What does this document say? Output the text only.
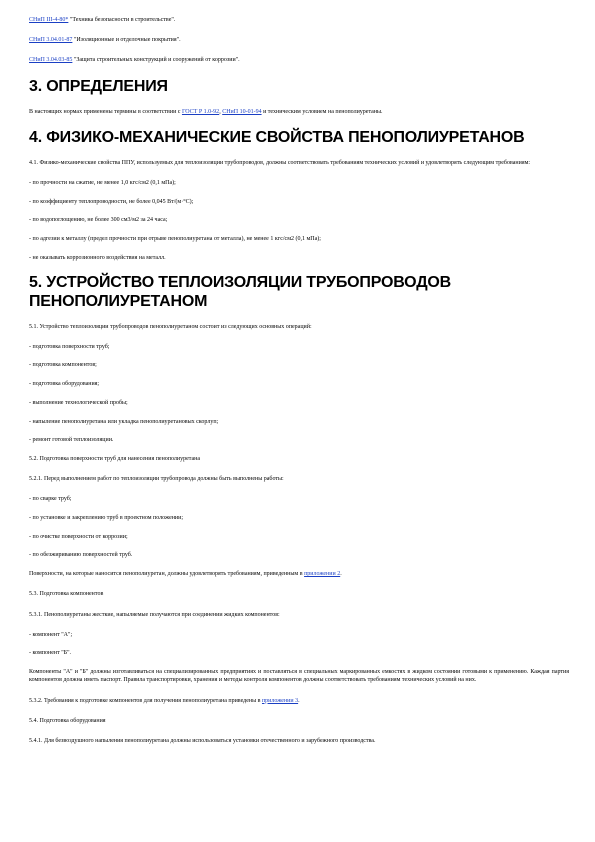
СНиП III-4-80* "Техника безопасности в строительстве".

СНиП 3.04.01-87 "Изоляционные и отделочные покрытия".

СНиП 3.04.03-85 "Защита строительных конструкций и сооружений от коррозии".

3. ОПРЕДЕЛЕНИЯ

В настоящих нормах применены термины в соответствии с ГОСТ Р 1.0-92, СНиП 10-01-94 и техническим условием на пенополиуретаны.

4. ФИЗИКО-МЕХАНИЧЕСКИЕ СВОЙСТВА ПЕНОПОЛИУРЕТАНОВ

4.1. Физико-механические свойства ППУ, используемых для теплоизоляции трубопроводов, должны соответствовать требованиям технических условий и удовлетворять следующим требованиям:

- по прочности на сжатие, не менее 1,0 кгс/см2 (0,1 мПа);

- по коэффициенту теплопроводности, не более 0,045 Вт/(м·°С);

- по водопоглощению, не более 300 см3/м2 за 24 часа;

- по адгезии к металлу (предел прочности при отрыве пенополиуретана от металла), не менее 1 кгс/см2 (0,1 мПа);

- не оказывать коррозионного воздействия на металл.

5. УСТРОЙСТВО ТЕПЛОИЗОЛЯЦИИ ТРУБОПРОВОДОВ ПЕНОПОЛИУРЕТАНОМ

5.1. Устройство теплоизоляции трубопроводов пенополиуретаном состоит из следующих основных операций:

- подготовка поверхности труб;

- подготовка компонентов;

- подготовка оборудования;

- выполнение технологической пробы;

- напыление пенополиуретана или укладка пенополиуретановых скорлуп;

- ремонт готовой теплоизоляции.

5.2. Подготовка поверхности труб для нанесения пенополиуретана

5.2.1. Перед выполнением работ по теплоизоляции трубопровода должны быть выполнены работы:

- по сварке труб;

- по установке и закреплению труб в проектном положении;

- по очистке поверхности от коррозии;

- по обезжириванию поверхностей труб.

Поверхности, на которые наносится пенополиуретан, должны удовлетворять требованиям, приведенным в приложении 2.

5.3. Подготовка компонентов

5.3.1. Пенополиуретаны жесткие, напыляемые получаются при соединении жидких компонентов:

- компонент "А";

- компонент "Б".

Компоненты "А" и "Б" должны изготавливаться на специализированных предприятиях и поставляться в специальных маркированных емкостях в жидком состоянии готовыми к применению. Каждая партия компонентов должна иметь паспорт. Правила транспортировки, хранения и методы контроля компонентов должны соответствовать требованиям технических условий на них.

5.3.2. Требования к подготовке компонентов для получения пенополиуретана приведены в приложении 3.

5.4. Подготовка оборудования

5.4.1. Для безвоздушного напыления пенополиуретана должны использоваться установки отечественного и зарубежного производства.
